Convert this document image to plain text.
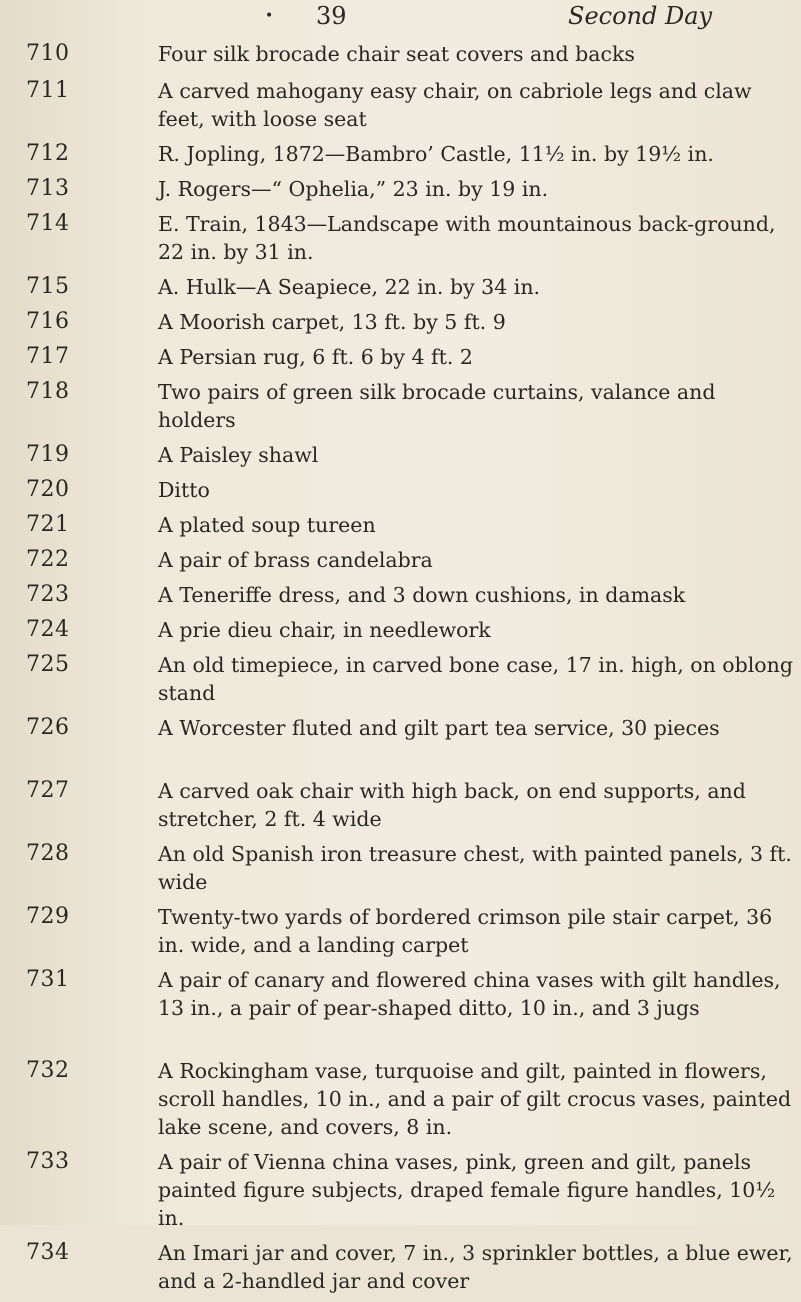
• 39	Second Day
710	Four silk brocade chair seat covers and backs
711	A carved mahogany easy chair, on cabriole legs and claw feet, with loose seat
712	R. Jopling, 1872—Bambro’ Castle, 11½ in. by 19½ in.
713	J. Rogers—“ Ophelia,” 23 in. by 19 in.
714	E. Train, 1843—Landscape with mountainous back-ground, 22 in. by 31 in.
715	A. Hulk—A Seapiece, 22 in. by 34 in.
716	A Moorish carpet, 13 ft. by 5 ft. 9
717	A Persian rug, 6 ft. 6 by 4 ft. 2
718	Two pairs of green silk brocade curtains, valance and holders
719	A Paisley shawl
720	Ditto
721	A plated soup tureen
722	A pair of brass candelabra
723	A Teneriffe dress, and 3 down cushions, in damask
724	A prie dieu chair, in needlework
725	An old timepiece, in carved bone case, 17 in. high, on oblong stand
726	A Worcester fluted and gilt part tea service, 30 pieces
727	A carved oak chair with high back, on end supports, and stretcher, 2 ft. 4 wide
728	An old Spanish iron treasure chest, with painted panels, 3 ft. wide
729	Twenty-two yards of bordered crimson pile stair carpet, 36 in. wide, and a landing carpet
731	A pair of canary and flowered china vases with gilt handles, 13 in., a pair of pear-shaped ditto, 10 in., and 3 jugs
732	A Rockingham vase, turquoise and gilt, painted in flowers, scroll handles, 10 in., and a pair of gilt crocus vases, painted lake scene, and covers, 8 in.
733	A pair of Vienna china vases, pink, green and gilt, panels painted figure subjects, draped female figure handles, 10½ in.
734	An Imari jar and cover, 7 in., 3 sprinkler bottles, a blue ewer, and a 2-handled jar and cover
